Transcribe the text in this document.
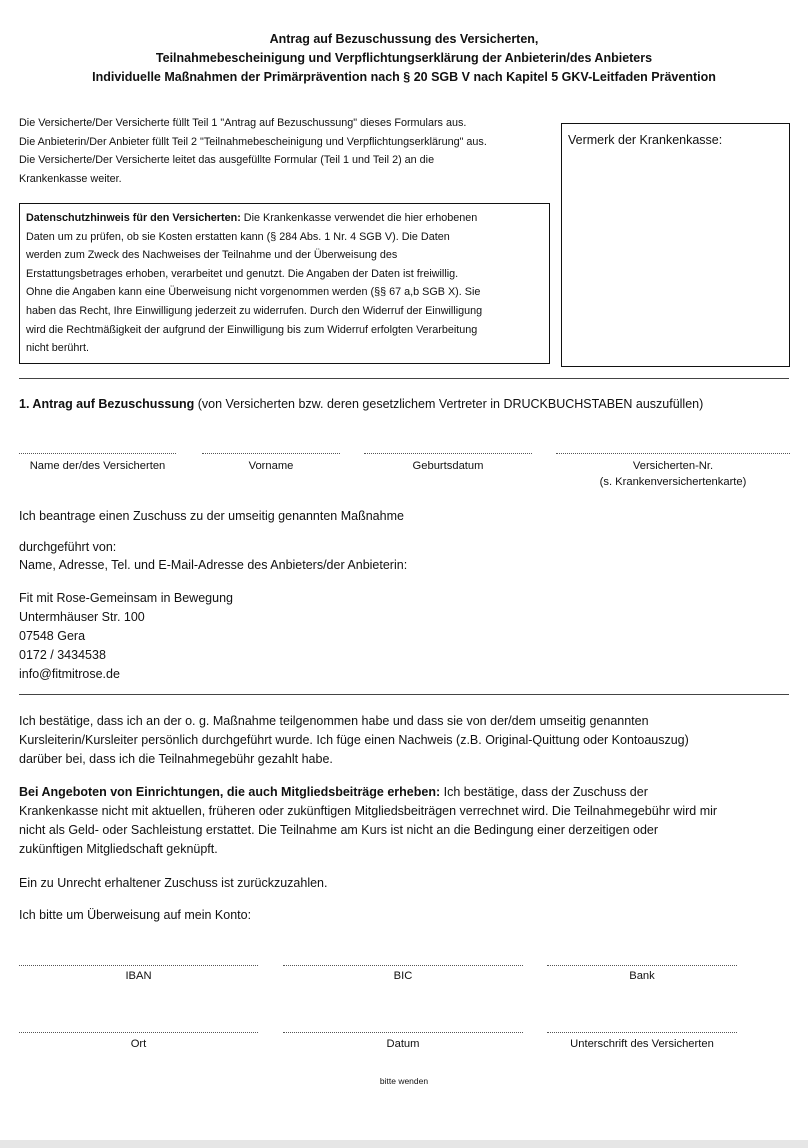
Antrag auf Bezuschussung des Versicherten,
Teilnahmebescheinigung und Verpflichtungserklärung der Anbieterin/des Anbieters
Individuelle Maßnahmen der Primärprävention nach § 20 SGB V nach Kapitel 5 GKV-Leitfaden Prävention
Die Versicherte/Der Versicherte füllt Teil 1 "Antrag auf Bezuschussung" dieses Formulars aus.
Die Anbieterin/Der Anbieter füllt Teil 2 "Teilnahmebescheinigung und Verpflichtungserklärung" aus.
Die Versicherte/Der Versicherte leitet das ausgefüllte Formular (Teil 1 und Teil 2) an die
Krankenkasse weiter.
Datenschutzhinweis für den Versicherten: Die Krankenkasse verwendet die hier erhobenen
Daten um zu prüfen, ob sie Kosten erstatten kann (§ 284 Abs. 1 Nr. 4 SGB V). Die Daten
werden zum Zweck des Nachweises der Teilnahme und der Überweisung des
Erstattungsbetrages erhoben, verarbeitet und genutzt. Die Angaben der Daten ist freiwillig.
Ohne die Angaben kann eine Überweisung nicht vorgenommen werden (§§ 67 a,b SGB X). Sie
haben das Recht, Ihre Einwilligung jederzeit zu widerrufen. Durch den Widerruf der Einwilligung
wird die Rechtmäßigkeit der aufgrund der Einwilligung bis zum Widerruf erfolgten Verarbeitung
nicht berührt.
Vermerk der Krankenkasse:
1. Antrag auf Bezuschussung (von Versicherten bzw. deren gesetzlichem Vertreter in DRUCKBUCHSTABEN auszufüllen)
Name der/des Versicherten	Vorname	Geburtsdatum	Versicherten-Nr.
(s. Krankenversichertenkarte)
Ich beantrage einen Zuschuss zu der umseitig genannten Maßnahme
durchgeführt von:
Name, Adresse, Tel. und E-Mail-Adresse des Anbieters/der Anbieterin:
Fit mit Rose-Gemeinsam in Bewegung
Untermhäuser Str. 100
07548 Gera
0172 / 3434538
info@fitmitrose.de
Ich bestätige, dass ich an der o. g. Maßnahme teilgenommen habe und dass sie von der/dem umseitig genannten
Kursleiterin/Kursleiter persönlich durchgeführt wurde. Ich füge einen Nachweis (z.B. Original-Quittung oder Kontoauszug)
darüber bei, dass ich die Teilnahmegebühr gezahlt habe.
Bei Angeboten von Einrichtungen, die auch Mitgliedsbeiträge erheben: Ich bestätige, dass der Zuschuss der
Krankenkasse nicht mit aktuellen, früheren oder zukünftigen Mitgliedsbeiträgen verrechnet wird. Die Teilnahmegebühr wird mir
nicht als Geld- oder Sachleistung erstattet. Die Teilnahme am Kurs ist nicht an die Bedingung einer derzeitigen oder
zukünftigen Mitgliedschaft geknüpft.
Ein zu Unrecht erhaltener Zuschuss ist zurückzuzahlen.
Ich bitte um Überweisung auf mein Konto:
IBAN	BIC	Bank
Ort	Datum	Unterschrift des Versicherten
bitte wenden
